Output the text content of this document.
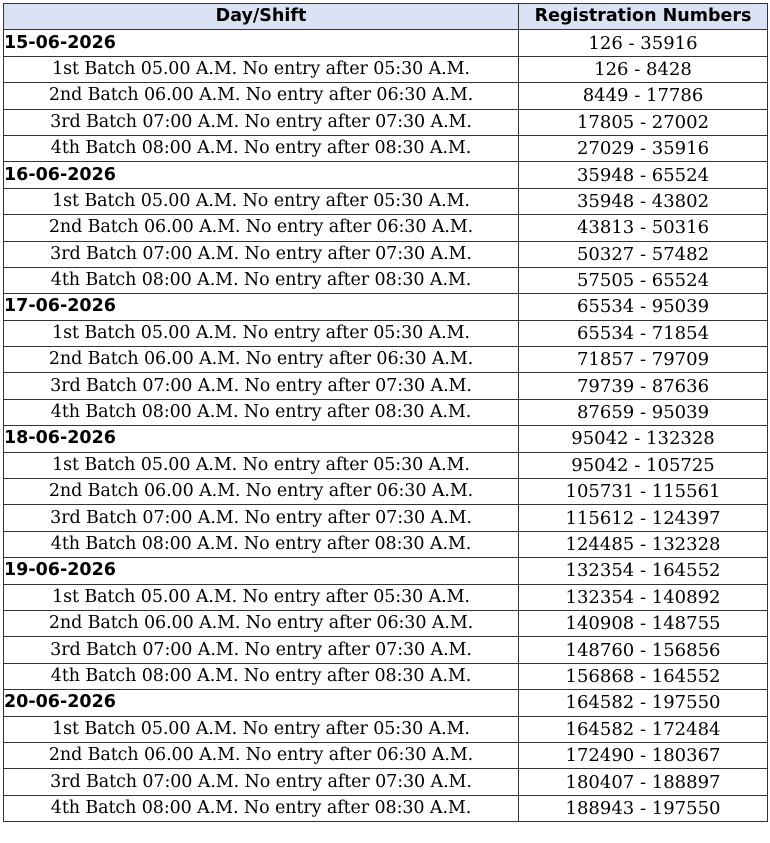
Day/Shift	Registration Numbers
15-06-2026	126 - 35916
1st Batch 05.00 A.M. No entry after 05:30 A.M.	126 - 8428
2nd Batch 06.00 A.M. No entry after 06:30 A.M.	8449 - 17786
3rd Batch 07:00 A.M. No entry after 07:30 A.M.	17805 - 27002
4th Batch 08:00 A.M. No entry after 08:30 A.M.	27029 - 35916
16-06-2026	35948 - 65524
1st Batch 05.00 A.M. No entry after 05:30 A.M.	35948 - 43802
2nd Batch 06.00 A.M. No entry after 06:30 A.M.	43813 - 50316
3rd Batch 07:00 A.M. No entry after 07:30 A.M.	50327 - 57482
4th Batch 08:00 A.M. No entry after 08:30 A.M.	57505 - 65524
17-06-2026	65534 - 95039
1st Batch 05.00 A.M. No entry after 05:30 A.M.	65534 - 71854
2nd Batch 06.00 A.M. No entry after 06:30 A.M.	71857 - 79709
3rd Batch 07:00 A.M. No entry after 07:30 A.M.	79739 - 87636
4th Batch 08:00 A.M. No entry after 08:30 A.M.	87659 - 95039
18-06-2026	95042 - 132328
1st Batch 05.00 A.M. No entry after 05:30 A.M.	95042 - 105725
2nd Batch 06.00 A.M. No entry after 06:30 A.M.	105731 - 115561
3rd Batch 07:00 A.M. No entry after 07:30 A.M.	115612 - 124397
4th Batch 08:00 A.M. No entry after 08:30 A.M.	124485 - 132328
19-06-2026	132354 - 164552
1st Batch 05.00 A.M. No entry after 05:30 A.M.	132354 - 140892
2nd Batch 06.00 A.M. No entry after 06:30 A.M.	140908 - 148755
3rd Batch 07:00 A.M. No entry after 07:30 A.M.	148760 - 156856
4th Batch 08:00 A.M. No entry after 08:30 A.M.	156868 - 164552
20-06-2026	164582 - 197550
1st Batch 05.00 A.M. No entry after 05:30 A.M.	164582 - 172484
2nd Batch 06.00 A.M. No entry after 06:30 A.M.	172490 - 180367
3rd Batch 07:00 A.M. No entry after 07:30 A.M.	180407 - 188897
4th Batch 08:00 A.M. No entry after 08:30 A.M.	188943 - 197550
